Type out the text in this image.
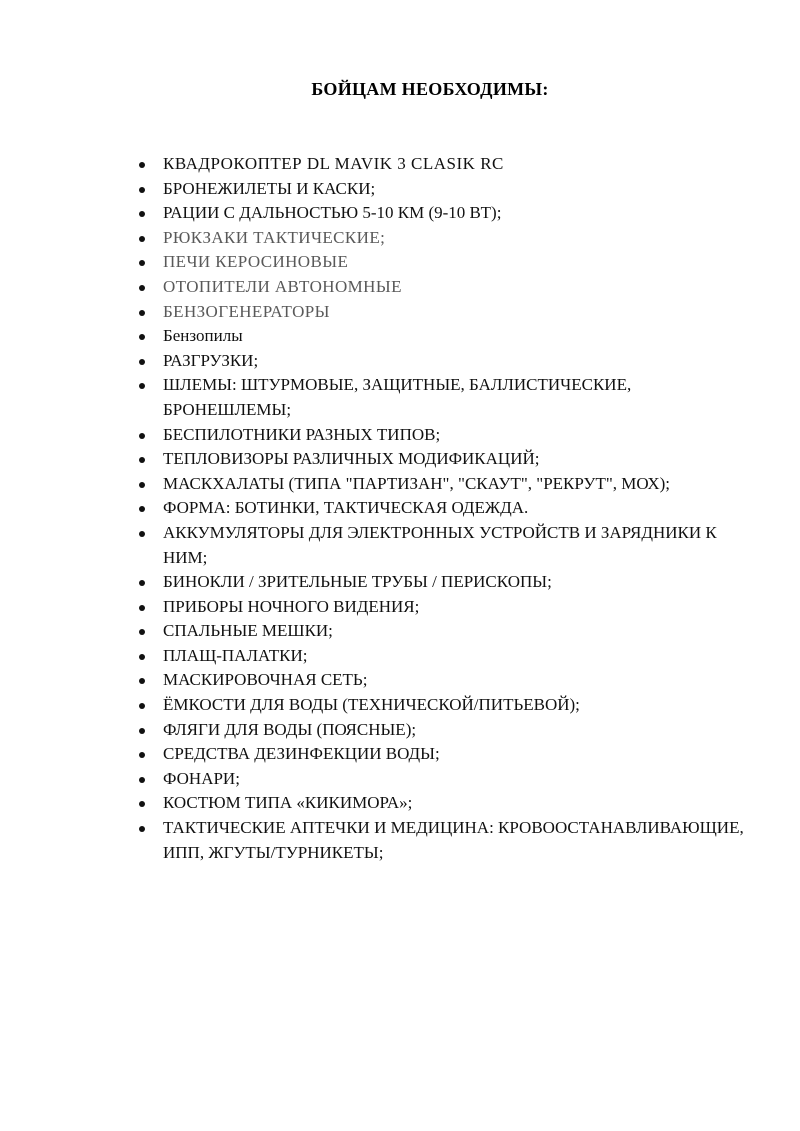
БОЙЦАМ НЕОБХОДИМЫ:
КВАДРОКОПТЕР DL MAVIK 3 CLASIK RC
БРОНЕЖИЛЕТЫ И КАСКИ;
РАЦИИ С ДАЛЬНОСТЬЮ 5-10 КМ (9-10 ВТ);
РЮКЗАКИ ТАКТИЧЕСКИЕ;
ПЕЧИ КЕРОСИНОВЫЕ
ОТОПИТЕЛИ АВТОНОМНЫЕ
БЕНЗОГЕНЕРАТОРЫ
Бензопилы
РАЗГРУЗКИ;
ШЛЕМЫ: ШТУРМОВЫЕ, ЗАЩИТНЫЕ, БАЛЛИСТИЧЕСКИЕ, БРОНЕШЛЕМЫ;
БЕСПИЛОТНИКИ РАЗНЫХ ТИПОВ;
ТЕПЛОВИЗОРЫ РАЗЛИЧНЫХ МОДИФИКАЦИЙ;
МАСКХАЛАТЫ (ТИПА "ПАРТИЗАН", "СКАУТ", "РЕКРУТ", МОХ);
ФОРМА: БОТИНКИ, ТАКТИЧЕСКАЯ ОДЕЖДА.
АККУМУЛЯТОРЫ ДЛЯ ЭЛЕКТРОННЫХ УСТРОЙСТВ И ЗАРЯДНИКИ К НИМ;
БИНОКЛИ / ЗРИТЕЛЬНЫЕ ТРУБЫ / ПЕРИСКОПЫ;
ПРИБОРЫ НОЧНОГО ВИДЕНИЯ;
СПАЛЬНЫЕ МЕШКИ;
ПЛАЩ-ПАЛАТКИ;
МАСКИРОВОЧНАЯ СЕТЬ;
ЁМКОСТИ ДЛЯ ВОДЫ (ТЕХНИЧЕСКОЙ/ПИТЬЕВОЙ);
ФЛЯГИ ДЛЯ ВОДЫ (ПОЯСНЫЕ);
СРЕДСТВА ДЕЗИНФЕКЦИИ ВОДЫ;
ФОНАРИ;
КОСТЮМ ТИПА «КИКИМОРА»;
ТАКТИЧЕСКИЕ АПТЕЧКИ И МЕДИЦИНА: КРОВООСТАНАВЛИВАЮЩИЕ, ИПП, ЖГУТЫ/ТУРНИКЕТЫ;
